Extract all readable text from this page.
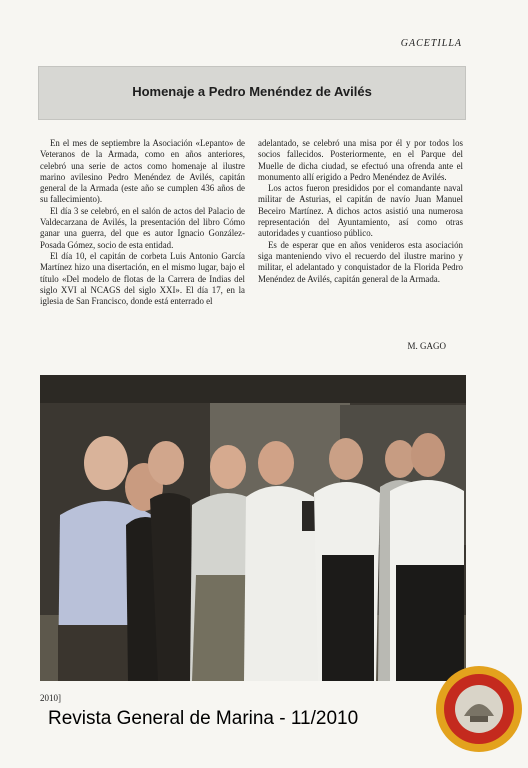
GACETILLA
Homenaje a Pedro Menéndez de Avilés

En el mes de septiembre la Asociación «Lepanto» de Veteranos de la Armada, como en años anteriores, celebró una serie de actos como homenaje al ilustre marino avilesino Pedro Menéndez de Avilés, capitán general de la Armada (este año se cumplen 436 años de su fallecimiento).

El día 3 se celebró, en el salón de actos del Palacio de Valdecarzana de Avilés, la presentación del libro Cómo ganar una guerra, del que es autor Ignacio González-Posada Gómez, socio de esta entidad.

El día 10, el capitán de corbeta Luis Antonio García Martínez hizo una disertación, en el mismo lugar, bajo el título «Del modelo de flotas de la Carrera de Indias del siglo XVI al NCAGS del siglo XXI». El día 17, en la iglesia de San Francisco, donde está enterrado el

adelantado, se celebró una misa por él y por todos los socios fallecidos. Posteriormente, en el Parque del Muelle de dicha ciudad, se efectuó una ofrenda ante el monumento allí erigido a Pedro Menéndez de Avilés.

Los actos fueron presididos por el comandante naval militar de Asturias, el capitán de navío Juan Manuel Beceiro Martínez. A dichos actos asistió una numerosa representación del Ayuntamiento, así como otras autoridades y cuantioso público.

Es de esperar que en años venideros esta asociación siga manteniendo vivo el recuerdo del ilustre marino y militar, el adelantado y conquistador de la Florida Pedro Menéndez de Avilés, capitán general de la Armada.

M. GAGO
2010]
Revista General de Marina - 11/2010
